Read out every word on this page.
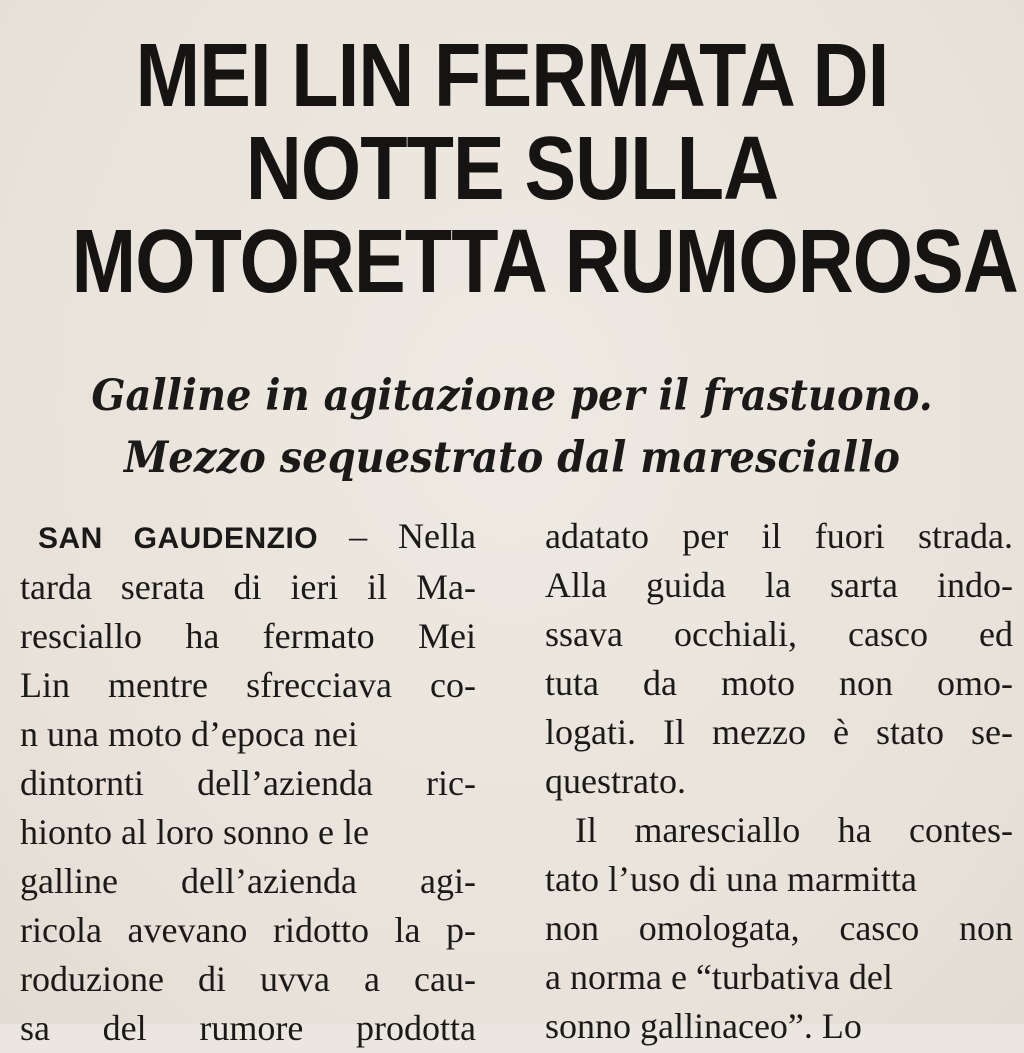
MEI LIN FERMATA DI
NOTTE SULLA
MOTORETTA RUMOROSA
Galline in agitazione per il frastuono.
Mezzo sequestrato dal maresciallo
SAN GAUDENZIO – Nella
tarda serata di ieri il Ma-
resciallo ha fermato Mei
Lin mentre sfrecciava co-
n una moto d’epoca nei
dintornti dell’azienda ric-
hionto al loro sonno e le
galline dell’azienda agi-
ricola avevano ridotto la p-
roduzione di uvva a cau-
sa del rumore prodotta
adatato per il fuori strada.
Alla guida la sarta indo-
ssava occhiali, casco ed
tuta da moto non omo-
logati. Il mezzo è stato se-
questrato.
Il maresciallo ha contes-
tato l’uso di una marmitta
non omologata, casco non
a norma e “turbativa del
sonno gallinaceo”. Lo
